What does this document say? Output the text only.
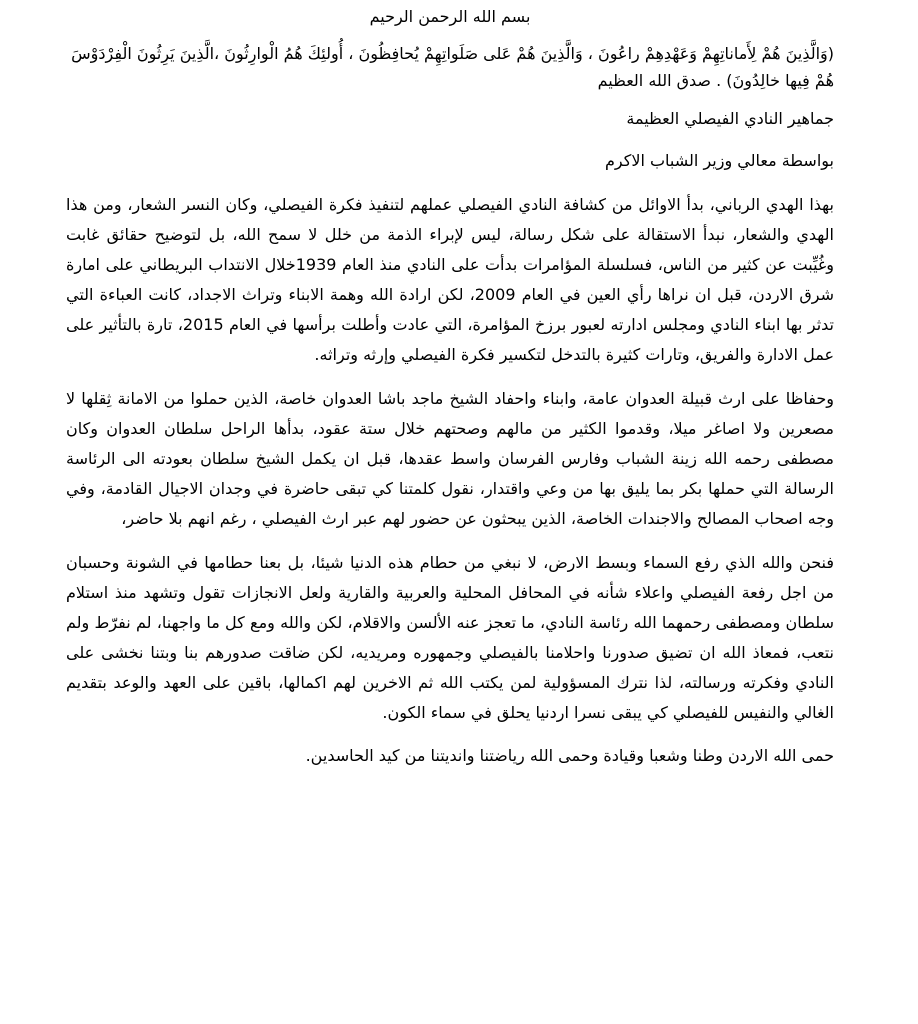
بسم الله الرحمن الرحيم

(وَالَّذِينَ هُمْ لِأَماناتِهِمْ وَعَهْدِهِمْ راعُونَ ، وَالَّذِينَ هُمْ عَلى صَلَواتِهِمْ يُحافِظُونَ ، أُولئِكَ هُمُ الْوارِثُونَ ،الَّذِينَ يَرِثُونَ الْفِرْدَوْسَ هُمْ فِيها خالِدُونَ) . صدق الله العظيم

جماهير النادي الفيصلي العظيمة

بواسطة معالي وزير الشباب الاكرم

بهذا الهدي الرباني، بدأ الاوائل من كشافة النادي الفيصلي عملهم لتنفيذ فكرة الفيصلي، وكان النسر الشعار، ومن هذا الهدي والشعار، نبدأ الاستقالة على شكل رسالة، ليس لإبراء الذمة من خلل لا سمح الله، بل لتوضيح حقائق غابت وغُيِّبت عن كثير من الناس، فسلسلة المؤامرات بدأت على النادي منذ العام 1939خلال الانتداب البريطاني على امارة شرق الاردن، قبل ان نراها رأي العين في العام 2009، لكن ارادة الله وهمة الابناء وتراث الاجداد، كانت العباءة التي تدثر بها ابناء النادي ومجلس ادارته لعبور برزخ المؤامرة، التي عادت وأطلت برأسها في العام 2015، تارة بالتأثير على عمل الادارة والفريق، وتارات كثيرة بالتدخل لتكسير فكرة الفيصلي وإرثه وتراثه.

وحفاظا على ارث قبيلة العدوان عامة، وابناء واحفاد الشيخ ماجد باشا العدوان خاصة، الذين حملوا من الامانة ثِقلها لا مصعرين ولا اصاغر ميلا، وقدموا الكثير من مالهم وصحتهم خلال ستة عقود، بدأها الراحل سلطان العدوان وكان مصطفى رحمه الله زينة الشباب وفارس الفرسان واسط عقدها، قبل ان يكمل الشيخ سلطان بعودته الى الرئاسة الرسالة التي حملها بكر بما يليق بها من وعي واقتدار، نقول كلمتنا كي تبقى حاضرة في وجدان الاجيال القادمة، وفي وجه اصحاب المصالح والاجندات الخاصة، الذين يبحثون عن حضور لهم عبر ارث الفيصلي ، رغم انهم بلا حاضر،

فنحن والله الذي رفع السماء وبسط الارض، لا نبغي من حطام هذه الدنيا شيئا، بل بعنا حطامها في الشونة وحسبان من اجل رفعة الفيصلي واعلاء شأنه في المحافل المحلية والعربية والقارية ولعل الانجازات تقول وتشهد منذ استلام سلطان ومصطفى رحمهما الله رئاسة النادي، ما تعجز عنه الألسن والاقلام، لكن والله ومع كل ما واجهنا، لم نفرّط ولم نتعب، فمعاذ الله ان تضيق صدورنا واحلامنا بالفيصلي وجمهوره ومريديه، لكن ضاقت صدورهم بنا وبتنا نخشى على النادي وفكرته ورسالته، لذا نترك المسؤولية لمن يكتب الله ثم الاخرين لهم اكمالها، باقين على العهد والوعد بتقديم الغالي والنفيس للفيصلي كي يبقى نسرا اردنيا يحلق في سماء الكون.

حمى الله الاردن وطنا وشعبا وقيادة وحمى الله رياضتنا وانديتنا من كيد الحاسدين.
